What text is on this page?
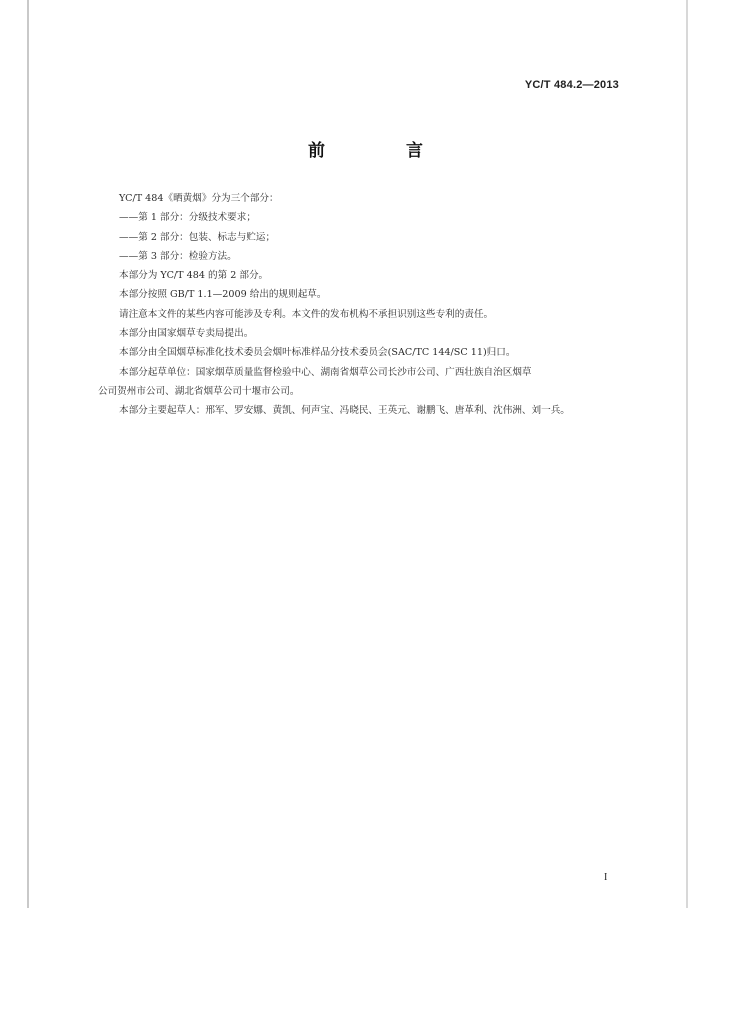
YC/T 484.2—2013
前　言

YC/T 484《晒黄烟》分为三个部分：

——第 1 部分：分级技术要求；

——第 2 部分：包装、标志与贮运；

——第 3 部分：检验方法。

本部分为 YC/T 484 的第 2 部分。

本部分按照 GB/T 1.1—2009 给出的规则起草。

请注意本文件的某些内容可能涉及专利。本文件的发布机构不承担识别这些专利的责任。

本部分由国家烟草专卖局提出。

本部分由全国烟草标准化技术委员会烟叶标准样品分技术委员会(SAC/TC 144/SC 11)归口。

本部分起草单位：国家烟草质量监督检验中心、湖南省烟草公司长沙市公司、广西壮族自治区烟草
公司贺州市公司、湖北省烟草公司十堰市公司。

本部分主要起草人：邢军、罗安娜、黄凯、何声宝、冯晓民、王英元、谢鹏飞、唐革利、沈伟洲、刘一兵。

I
